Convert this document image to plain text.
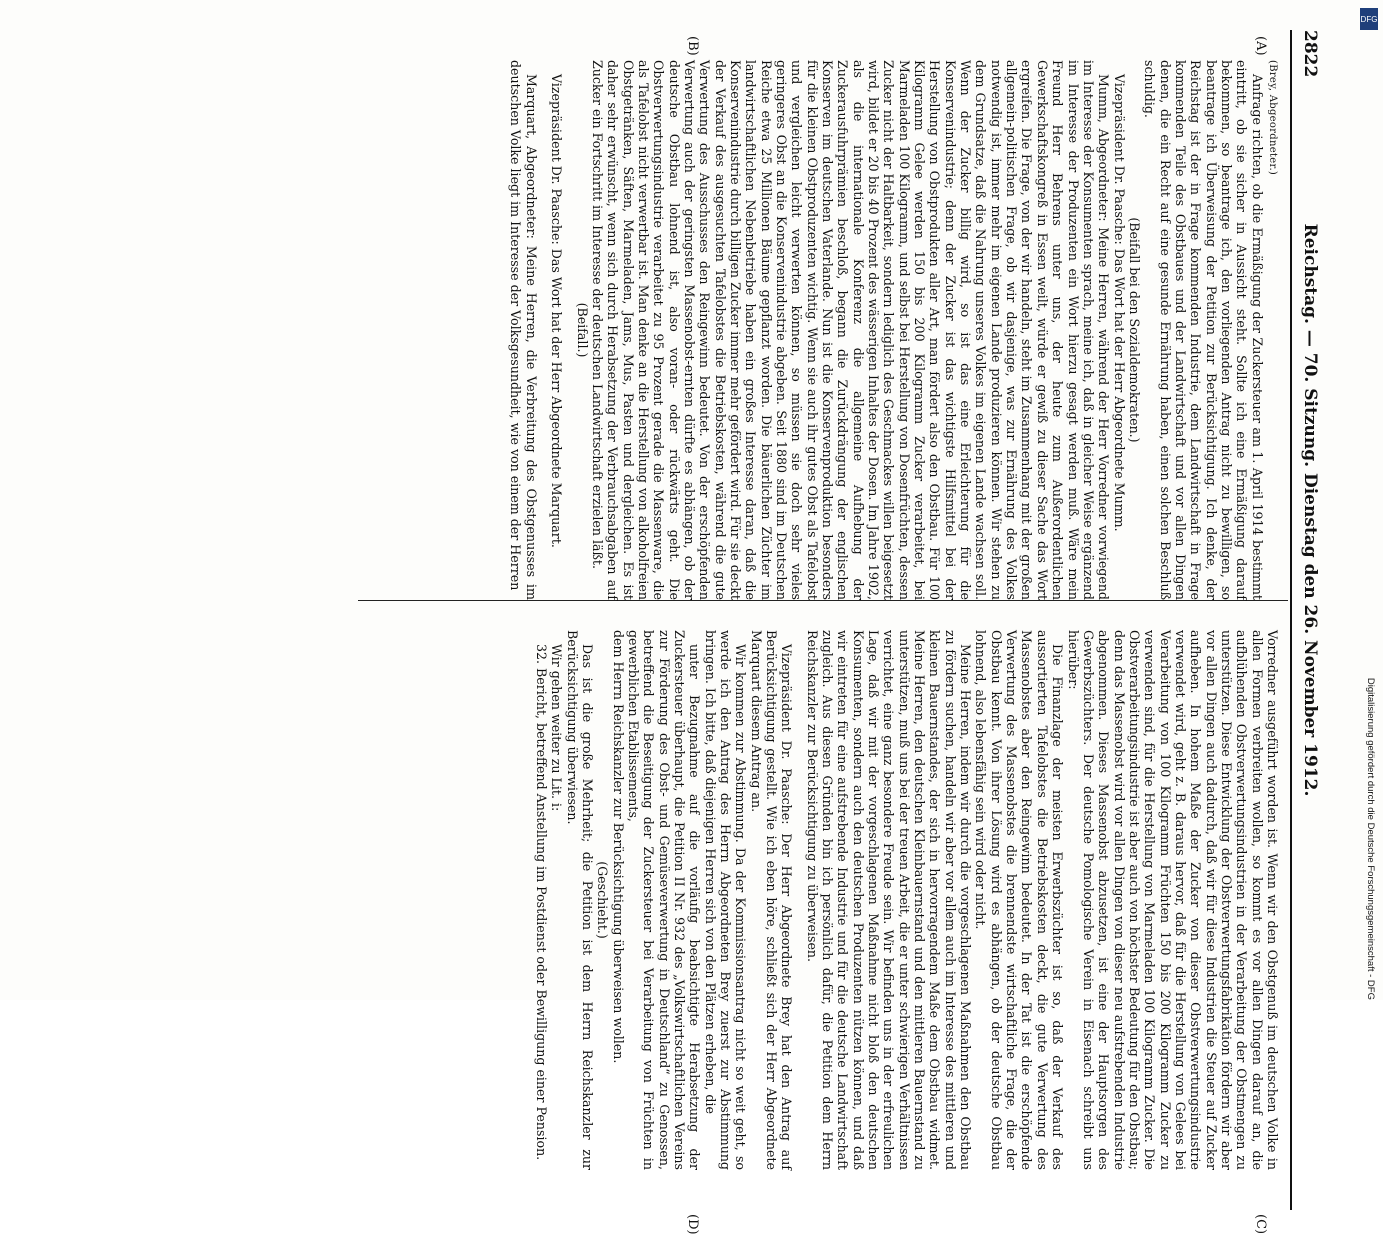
2822
Reichstag. — 70. Sitzung. Dienstag den 26. November 1912.
(A)
(B)
(C)
(D)

(Brey, Abgeordneter.)

Anfrage richten, ob die Ermäßigung der Zuckersteuer am 1. April 1914 bestimmt eintritt, ob sie sicher in Aussicht steht. Sollte ich eine Ermäßigung darauf bekommen, so beantrage ich, den vorliegenden Antrag nicht zu bewilligen, so beantrage ich Überweisung der Petition zur Berücksichtigung. Ich denke, der Reichstag ist der in Frage kommenden Industrie, dem Landwirtschaft in Frage kommenden Teile des Obstbaues und der Landwirtschaft und vor allen Dingen denen, die ein Recht auf eine gesunde Ernährung haben, einen solchen Beschluß schuldig.

(Beifall bei den Sozialdemokraten.)

Vizepräsident Dr. Paasche: Das Wort hat der Herr Abgeordnete Mumm.

Mumm, Abgeordneter: Meine Herren, während der Herr Vorredner vorwiegend im Interesse der Konsumenten sprach, meine ich, daß in gleicher Weise ergänzend im Interesse der Produzenten ein Wort hierzu gesagt werden muß. Wäre mein Freund Herr Behrens unter uns, der heute zum Außerordentlichen Gewerkschaftskongreß in Essen weilt, würde er gewiß zu dieser Sache das Wort ergreifen. Die Frage, von der wir handeln, steht im Zusammenhang mit der großen allgemein-politischen Frage, ob wir dasjenige, was zur Ernährung des Volkes notwendig ist, immer mehr im eigenen Lande produzieren können. Wir stehen zu dem Grundsatze, daß die Nahrung unseres Volkes im eigenen Lande wachsen soll. Wenn der Zucker billig wird, so ist das eine Erleichterung für die Konservenindustrie; denn der Zucker ist das wichtigste Hilfsmittel bei der Herstellung von Obstprodukten aller Art, man fördert also den Obstbau. Für 100 Kilogramm Gelee werden 150 bis 200 Kilogramm Zucker verarbeitet, bei Marmeladen 100 Kilogramm, und selbst bei Herstellung von Dosenfrüchten, dessen Zucker nicht der Haltbarkeit, sondern lediglich des Geschmackes willen beigesetzt wird, bildet er 20 bis 40 Prozent des wässerigen Inhaltes der Dosen. Im Jahre 1902, als die internationale Konferenz die allgemeine Aufhebung der Zuckerausfuhrprämien beschloß, begann die Zurückdrängung der englischen Konserven im deutschen Vaterlande. Nun ist die Konservenproduktion besonders für die kleinen Obstproduzenten wichtig. Wenn sie auch ihr gutes Obst als Tafelobst und vergleichen leicht verwerten können, so müssen sie doch sehr vieles geringeres Obst an die Konservenindustrie abgeben. Seit 1880 sind im Deutschen Reiche etwa 25 Millionen Bäume gepflanzt worden. Die bäuerlichen Züchter im landwirtschaftlichen Nebenbetriebe haben ein großes Interesse daran, daß die Konservenindustrie durch billigen Zucker immer mehr gefördert wird. Für sie deckt der Verkauf des ausgesuchten Tafelobstes die Betriebskosten, während die gute Verwertung des Ausschusses den Reingewinn bedeutet. Von der erschöpfenden Verwertung auch der geringsten Massenobst-ernten dürfte es abhängen, ob der deutsche Obstbau lohnend ist, also voran- oder rückwärts geht. Die Obstverwertungsindustrie verarbeitet zu 95 Prozent gerade die Massenware, die als Tafelobst nicht verwertbar ist. Man denke an die Herstellung von alkoholfreien Obstgetränken, Säften, Marmeladen, Jams, Mus, Pasten und dergleichen. Es ist daher sehr erwünscht, wenn sich durch Herabsetzung der Verbrauchsabgaben auf Zucker ein Fortschritt im Interesse der deutschen Landwirtschaft erzielen läßt.

(Beifall.)

Vizepräsident Dr. Paasche: Das Wort hat der Herr Abgeordnete Marquart.

Marquart, Abgeordneter: Meine Herren, die Verbreitung des Obstgenusses im deutschen Volke liegt im Interesse der Volksgesundheit, wie von einem der Herren

Vorredner ausgeführt worden ist. Wenn wir den Obstgenuß im deutschen Volke in allen Formen verbreiten wollen, so kommt es vor allen Dingen darauf an, die aufblühenden Obstverwertungsindustrien in der Verarbeitung der Obstmengen zu unterstützen. Diese Entwicklung der Obstverwertungsfabrikation fördern wir aber vor allen Dingen auch dadurch, daß wir für diese Industrien die Steuer auf Zucker aufheben. In hohem Maße der Zucker von dieser Obstverwertungsindustrie verwendet wird, geht z. B. daraus hervor, daß für die Herstellung von Gelees bei Verarbeitung von 100 Kilogramm Früchten 150 bis 200 Kilogramm Zucker zu verwenden sind, für die Herstellung von Marmeladen 100 Kilogramm Zucker. Die Obstverarbeitungsindustrie ist aber auch von höchster Bedeutung für den Obstbau; denn das Massenobst wird vor allen Dingen von dieser neu aufstrebenden Industrie abgenommen. Dieses Massenobst abzusetzen, ist eine der Hauptsorgen des Gewerbszüchters. Der deutsche Pomologische Verein in Eisenach schreibt uns hierüber:

Die Finanzlage der meisten Erwerbszüchter ist so, daß der Verkauf des aussortierten Tafelobstes die Betriebskosten deckt, die gute Verwertung des Massenobstes aber den Reingewinn bedeutet. In der Tat ist die erschöpfende Verwertung des Massenobstes die brennendste wirtschaftliche Frage, die der Obstbau kennt. Von ihrer Lösung wird es abhängen, ob der deutsche Obstbau lohnend, also lebensfähig sein wird oder nicht.

Meine Herren, indem wir durch die vorgeschlagenen Maßnahmen den Obstbau zu fördern suchen, handeln wir aber vor allem auch im Interesse des mittleren und kleinen Bauernstandes, der sich in hervorragendem Maße dem Obstbau widmet. Meine Herren, den deutschen Kleinbauernstand und den mittleren Bauernstand zu unterstützen, muß uns bei der treuen Arbeit, die er unter schwierigen Verhältnissen verrichtet, eine ganz besondere Freude sein. Wir befinden uns in der erfreulichen Lage, daß wir mit der vorgeschlagenen Maßnahme nicht bloß den deutschen Konsumenten, sondern auch den deutschen Produzenten nützen können, und daß wir eintreten für eine aufstrebende Industrie und für die deutsche Landwirtschaft zugleich. Aus diesen Gründen bin ich persönlich dafür, die Petition dem Herrn Reichskanzler zur Berücksichtigung zu überweisen.

Vizepräsident Dr. Paasche: Der Herr Abgeordnete Brey hat den Antrag auf Berücksichtigung gestellt. Wie ich eben höre, schließt sich der Herr Abgeordnete Marquart diesem Antrag an.

Wir kommen zur Abstimmung. Da der Kommissionsantrag nicht so weit geht, so werde ich den Antrag des Herrn Abgeordneten Brey zuerst zur Abstimmung bringen. Ich bitte, daß diejenigen Herren sich von den Plätzen erheben, die

unter Bezugnahme auf die vorläufig beabsichtigte Herabsetzung der Zuckersteuer überhaupt, die Petition II Nr. 932 des „Volkswirtschaftlichen Vereins zur Förderung des Obst- und Gemüseverwertung in Deutschland“ zu Genossen, betreffend die Beseitigung der Zuckersteuer bei Verarbeitung von Früchten in gewerblichen Etablissements,

dem Herrn Reichskanzler zur Berücksichtigung überweisen wollen.

(Geschieht.)

Das ist die große Mehrheit; die Petition ist dem Herrn Reichskanzler zur Berücksichtigung überwiesen.

Wir gehen weiter zu Lit. i:

32. Bericht, betreffend Anstellung im Postdienst oder Bewilligung einer Pension.

DFG
Digitalisierung gefördert durch die Deutsche Forschungsgemeinschaft - DFG
